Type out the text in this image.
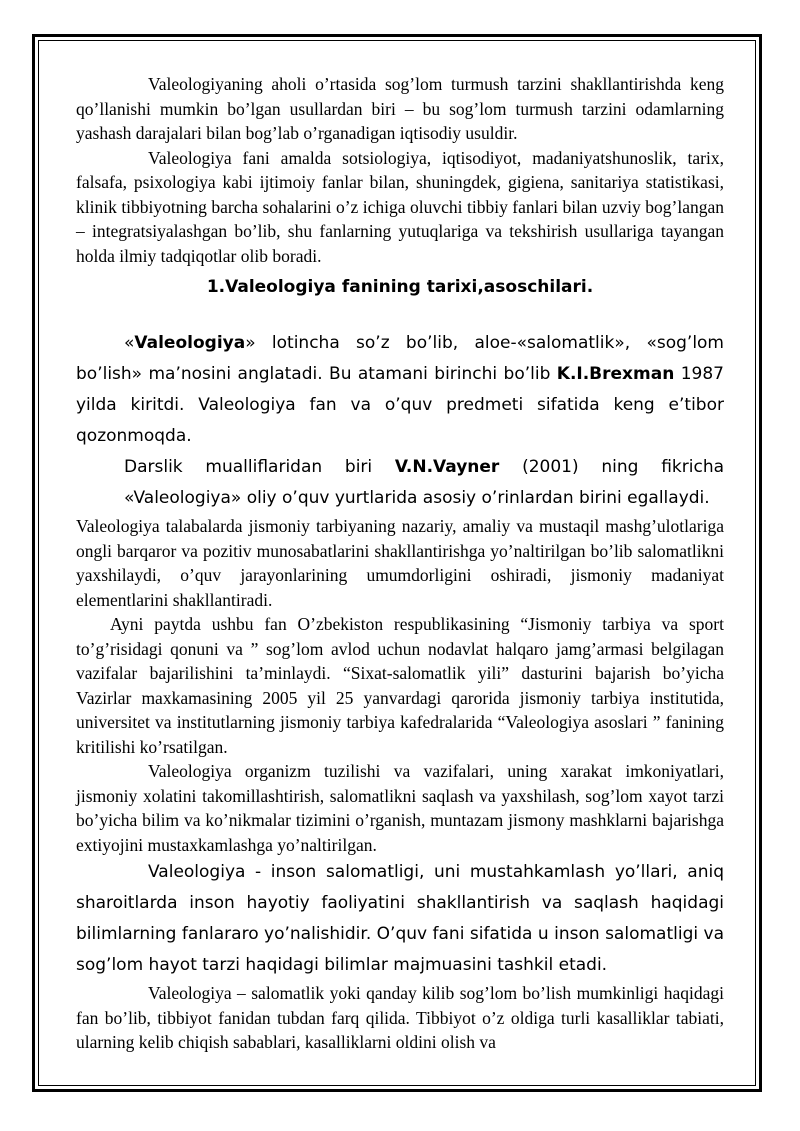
Valeologiyaning aholi o’rtasida sog’lom turmush tarzini shakllantirishda keng qo’llanishi mumkin bo’lgan usullardan biri – bu sog’lom turmush tarzini odamlarning yashash darajalari bilan bog’lab o’rganadigan iqtisodiy usuldir.

Valeologiya fani amalda sotsiologiya, iqtisodiyot, madaniyatshunoslik, tarix, falsafa, psixologiya kabi ijtimoiy fanlar bilan, shuningdek, gigiena, sanitariya statistikasi, klinik tibbiyotning barcha sohalarini o’z ichiga oluvchi tibbiy fanlari bilan uzviy bog’langan – integratsiyalashgan bo’lib, shu fanlarning yutuqlariga va tekshirish usullariga tayangan holda ilmiy tadqiqotlar olib boradi.

1.Valeologiya fanining tarixi,asoschilari.

«Valeologiya» lotincha so’z bo’lib, aloe-«salomatlik», «sog’lom bo’lish» ma’nosini anglatadi. Bu atamani birinchi bo’lib K.I.Brexman 1987 yilda kiritdi. Valeologiya fan va o’quv predmeti sifatida keng e’tibor qozonmoqda.

Darslik mualliflaridan biri V.N.Vayner (2001) ning fikricha

«Valeologiya» oliy o’quv yurtlarida asosiy o’rinlardan birini egallaydi.

Valeologiya talabalarda jismoniy tarbiyaning nazariy, amaliy va mustaqil mashg’ulotlariga ongli barqaror va pozitiv munosabatlarini shakllantirishga yo’naltirilgan bo’lib salomatlikni yaxshilaydi, o’quv jarayonlarining umumdorligini oshiradi, jismoniy madaniyat elementlarini shakllantiradi.

Ayni paytda ushbu fan O’zbekiston respublikasining “Jismoniy tarbiya va sport to’g’risidagi qonuni va ” sog’lom avlod uchun nodavlat halqaro jamg’armasi belgilagan vazifalar bajarilishini ta’minlaydi. “Sixat-salomatlik yili” dasturini bajarish bo’yicha Vazirlar maxkamasining 2005 yil 25 yanvardagi qarorida jismoniy tarbiya institutida, universitet va institutlarning jismoniy tarbiya kafedralarida “Valeologiya asoslari ” fanining kritilishi ko’rsatilgan.

Valeologiya organizm tuzilishi va vazifalari, uning xarakat imkoniyatlari, jismoniy xolatini takomillashtirish, salomatlikni saqlash va yaxshilash, sog’lom xayot tarzi bo’yicha bilim va ko’nikmalar tizimini o’rganish, muntazam jismony mashklarni bajarishga extiyojini mustaxkamlashga yo’naltirilgan.

Valeologiya - inson salomatligi, uni mustahkamlash yo’llari, aniq sharoitlarda inson hayotiy faoliyatini shakllantirish va saqlash haqidagi bilimlarning fanlararo yo’nalishidir. O’quv fani sifatida u inson salomatligi va sog’lom hayot tarzi haqidagi bilimlar majmuasini tashkil etadi.

Valeologiya – salomatlik yoki qanday kilib sog’lom bo’lish mumkinligi haqidagi fan bo’lib, tibbiyot fanidan tubdan farq qilida. Tibbiyot o’z oldiga turli kasalliklar tabiati, ularning kelib chiqish sabablari, kasalliklarni oldini olish va
